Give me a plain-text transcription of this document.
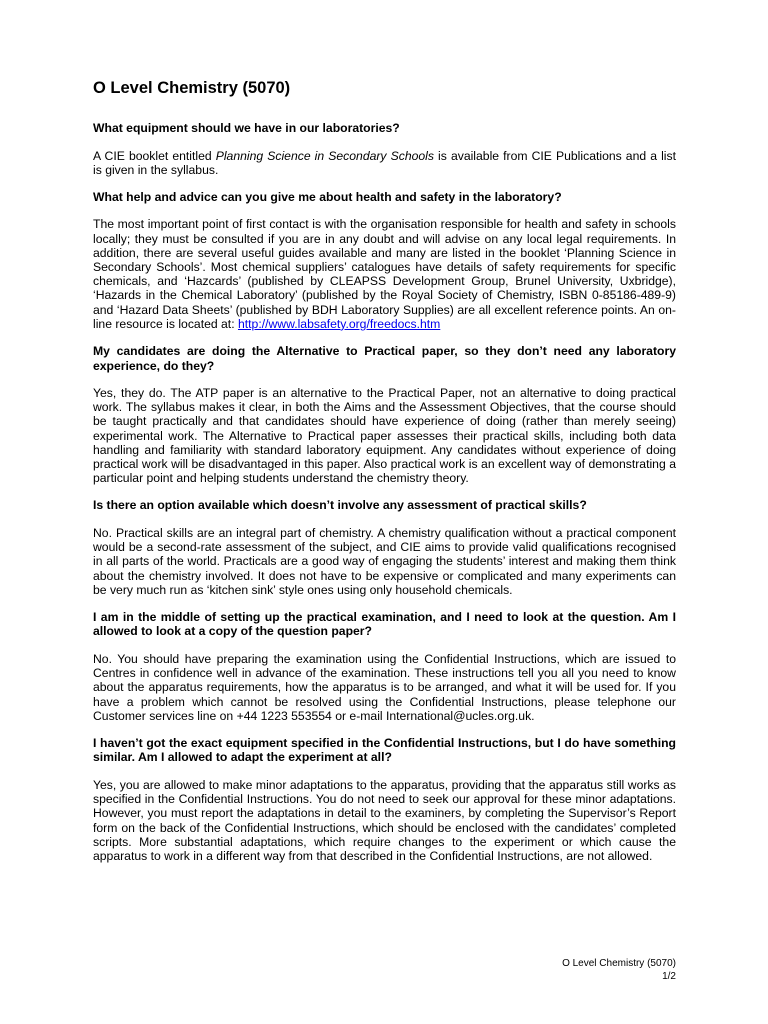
O Level Chemistry (5070)

What equipment should we have in our laboratories?

A CIE booklet entitled Planning Science in Secondary Schools is available from CIE Publications and a list is given in the syllabus.

What help and advice can you give me about health and safety in the laboratory?

The most important point of first contact is with the organisation responsible for health and safety in schools locally; they must be consulted if you are in any doubt and will advise on any local legal requirements. In addition, there are several useful guides available and many are listed in the booklet ‘Planning Science in Secondary Schools’. Most chemical suppliers’ catalogues have details of safety requirements for specific chemicals, and ‘Hazcards’ (published by CLEAPSS Development Group, Brunel University, Uxbridge), ‘Hazards in the Chemical Laboratory’ (published by the Royal Society of Chemistry, ISBN 0-85186-489-9) and ‘Hazard Data Sheets’ (published by BDH Laboratory Supplies) are all excellent reference points. An on-line resource is located at: http://www.labsafety.org/freedocs.htm

My candidates are doing the Alternative to Practical paper, so they don’t need any laboratory experience, do they?

Yes, they do. The ATP paper is an alternative to the Practical Paper, not an alternative to doing practical work. The syllabus makes it clear, in both the Aims and the Assessment Objectives, that the course should be taught practically and that candidates should have experience of doing (rather than merely seeing) experimental work. The Alternative to Practical paper assesses their practical skills, including both data handling and familiarity with standard laboratory equipment. Any candidates without experience of doing practical work will be disadvantaged in this paper. Also practical work is an excellent way of demonstrating a particular point and helping students understand the chemistry theory.

Is there an option available which doesn’t involve any assessment of practical skills?

No. Practical skills are an integral part of chemistry. A chemistry qualification without a practical component would be a second-rate assessment of the subject, and CIE aims to provide valid qualifications recognised in all parts of the world. Practicals are a good way of engaging the students’ interest and making them think about the chemistry involved. It does not have to be expensive or complicated and many experiments can be very much run as ‘kitchen sink’ style ones using only household chemicals.

I am in the middle of setting up the practical examination, and I need to look at the question. Am I allowed to look at a copy of the question paper?

No. You should have preparing the examination using the Confidential Instructions, which are issued to Centres in confidence well in advance of the examination. These instructions tell you all you need to know about the apparatus requirements, how the apparatus is to be arranged, and what it will be used for. If you have a problem which cannot be resolved using the Confidential Instructions, please telephone our Customer services line on +44 1223 553554 or e-mail International@ucles.org.uk.

I haven’t got the exact equipment specified in the Confidential Instructions, but I do have something similar. Am I allowed to adapt the experiment at all?

Yes, you are allowed to make minor adaptations to the apparatus, providing that the apparatus still works as specified in the Confidential Instructions. You do not need to seek our approval for these minor adaptations. However, you must report the adaptations in detail to the examiners, by completing the Supervisor’s Report form on the back of the Confidential Instructions, which should be enclosed with the candidates’ completed scripts. More substantial adaptations, which require changes to the experiment or which cause the apparatus to work in a different way from that described in the Confidential Instructions, are not allowed.

O Level Chemistry (5070)
1/2
